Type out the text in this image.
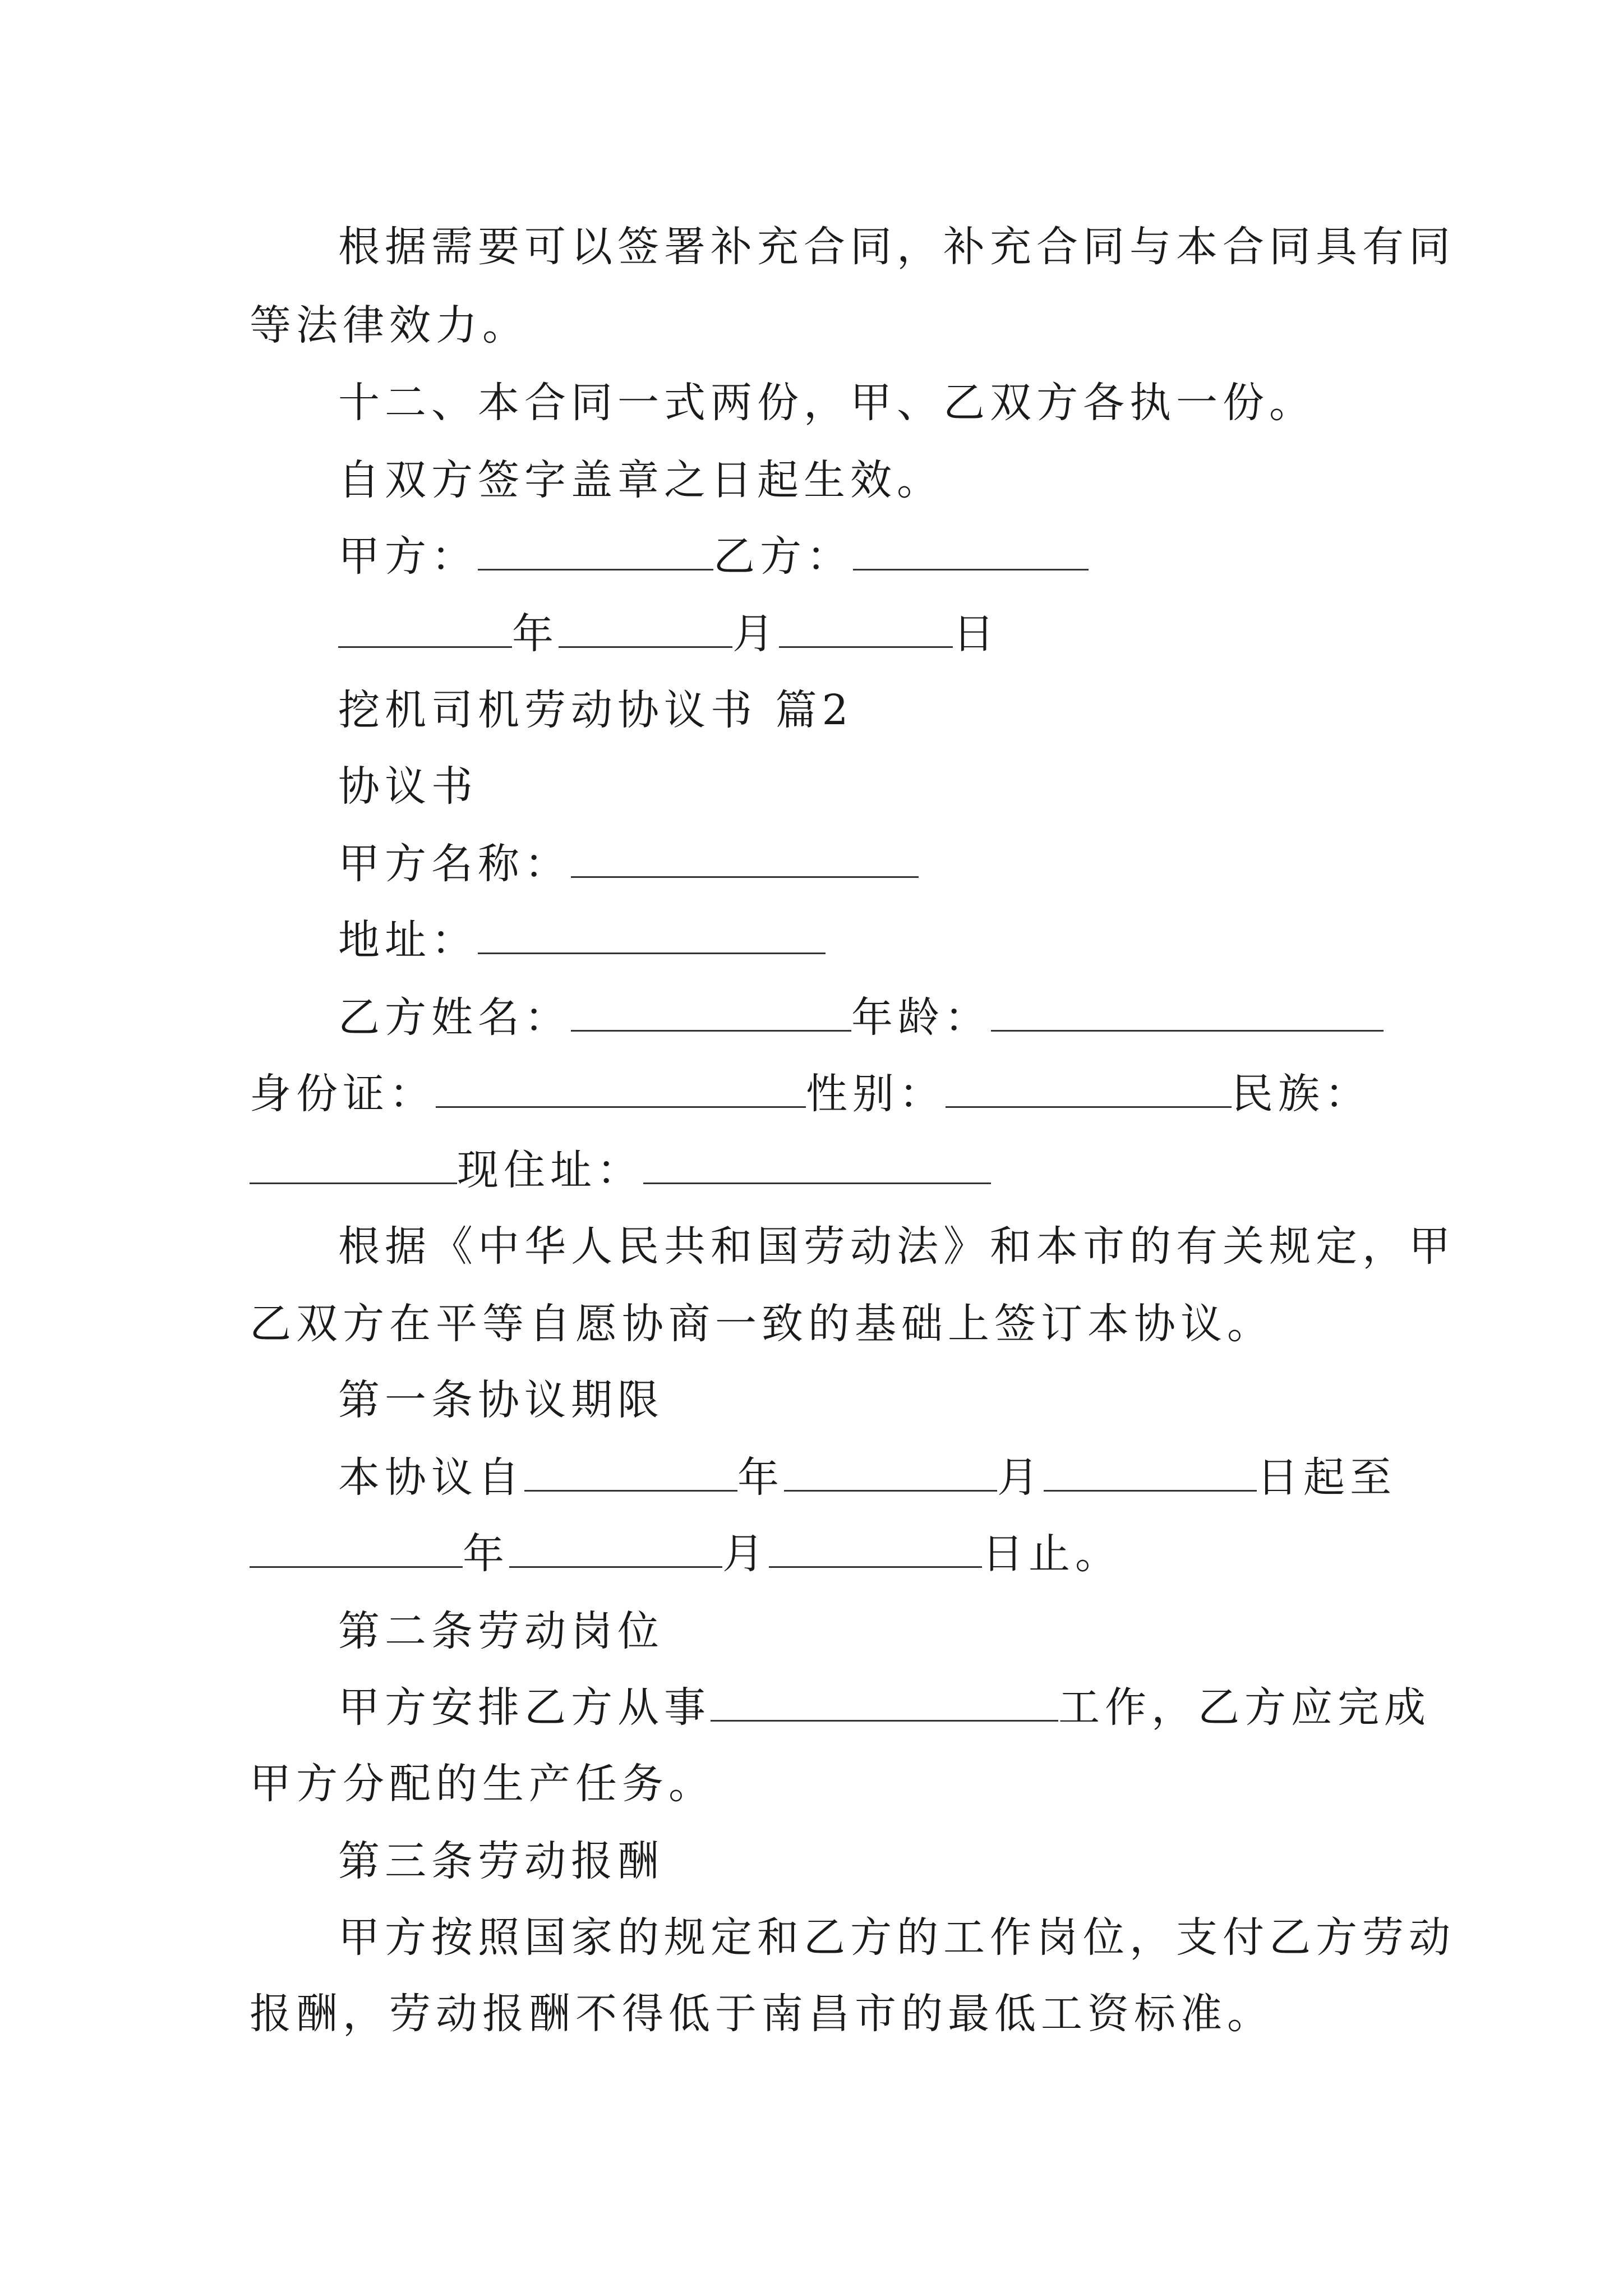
根据需要可以签署补充合同，补充合同与本合同具有同
等法律效力。
十二、本合同一式两份，甲、乙双方各执一份。
自双方签字盖章之日起生效。
甲方：	乙方：
年	月	日
挖机司机劳动协议书 篇2
协议书
甲方名称：
地址：
乙方姓名：	年龄：
身份证：	性别：	民族：
现住址：
根据《中华人民共和国劳动法》和本市的有关规定，甲
乙双方在平等自愿协商一致的基础上签订本协议。
第一条协议期限
本协议自	年	月	日起至
年	月	日止。
第二条劳动岗位
甲方安排乙方从事	工作，乙方应完成
甲方分配的生产任务。
第三条劳动报酬
甲方按照国家的规定和乙方的工作岗位，支付乙方劳动
报酬，劳动报酬不得低于南昌市的最低工资标准。
